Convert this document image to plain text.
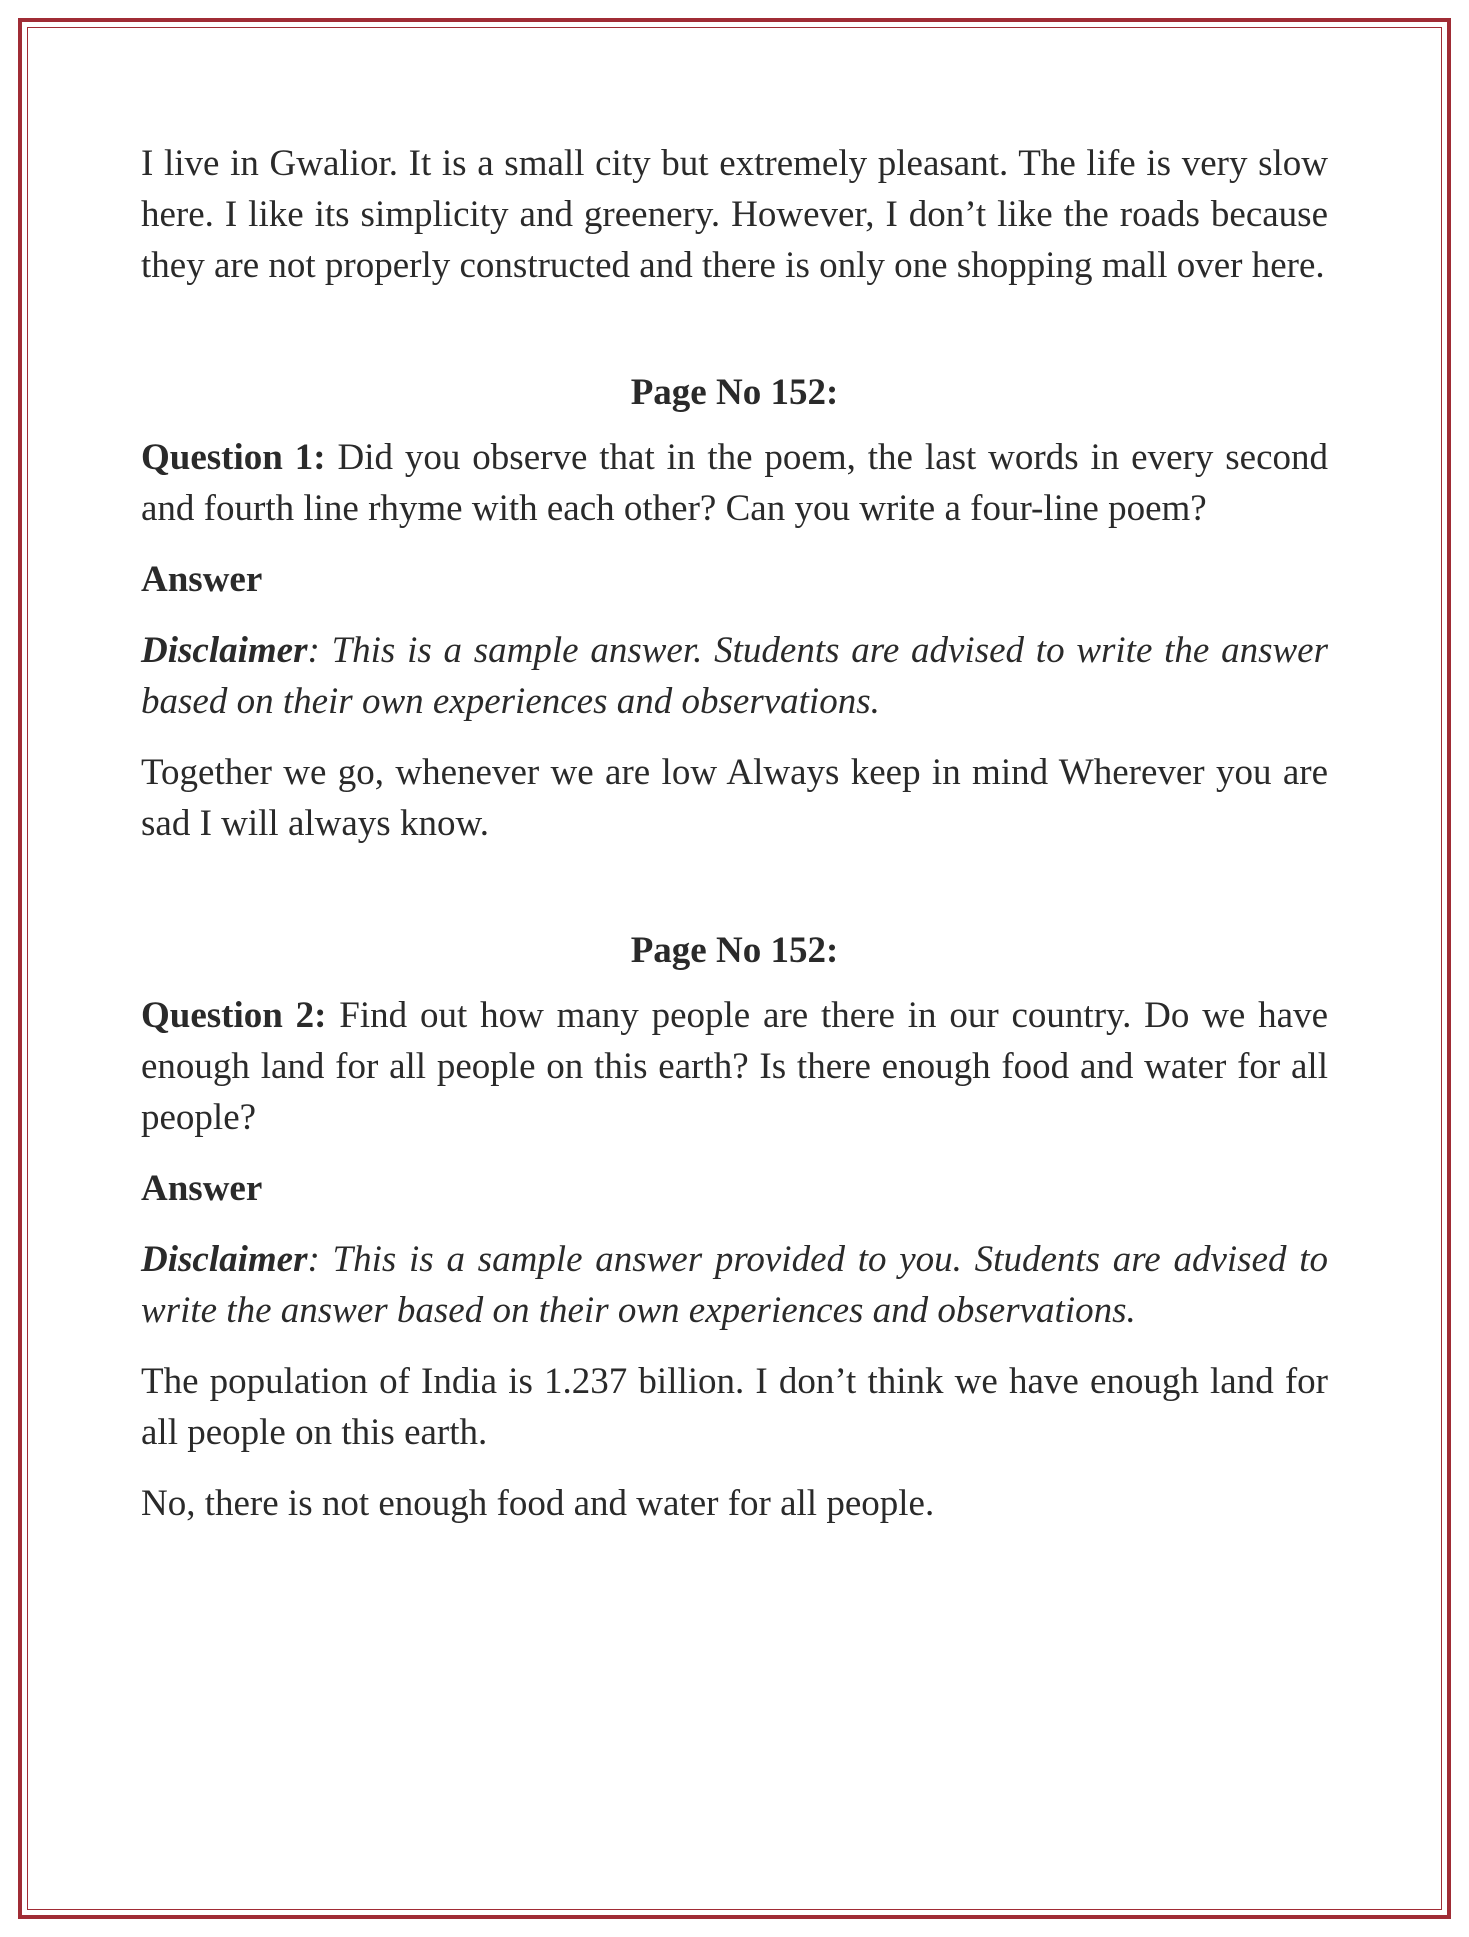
I live in Gwalior. It is a small city but extremely pleasant. The life is very slow here. I like its simplicity and greenery. However, I don’t like the roads because they are not properly constructed and there is only one shopping mall over here.

Page No 152:

Question 1: Did you observe that in the poem, the last words in every second and fourth line rhyme with each other? Can you write a four-line poem?

Answer

Disclaimer: This is a sample answer. Students are advised to write the answer based on their own experiences and observations.

Together we go, whenever we are low Always keep in mind Wherever you are sad I will always know.

Page No 152:

Question 2: Find out how many people are there in our country. Do we have enough land for all people on this earth? Is there enough food and water for all people?

Answer

Disclaimer: This is a sample answer provided to you. Students are advised to write the answer based on their own experiences and observations.

The population of India is 1.237 billion. I don’t think we have enough land for all people on this earth.

No, there is not enough food and water for all people.
